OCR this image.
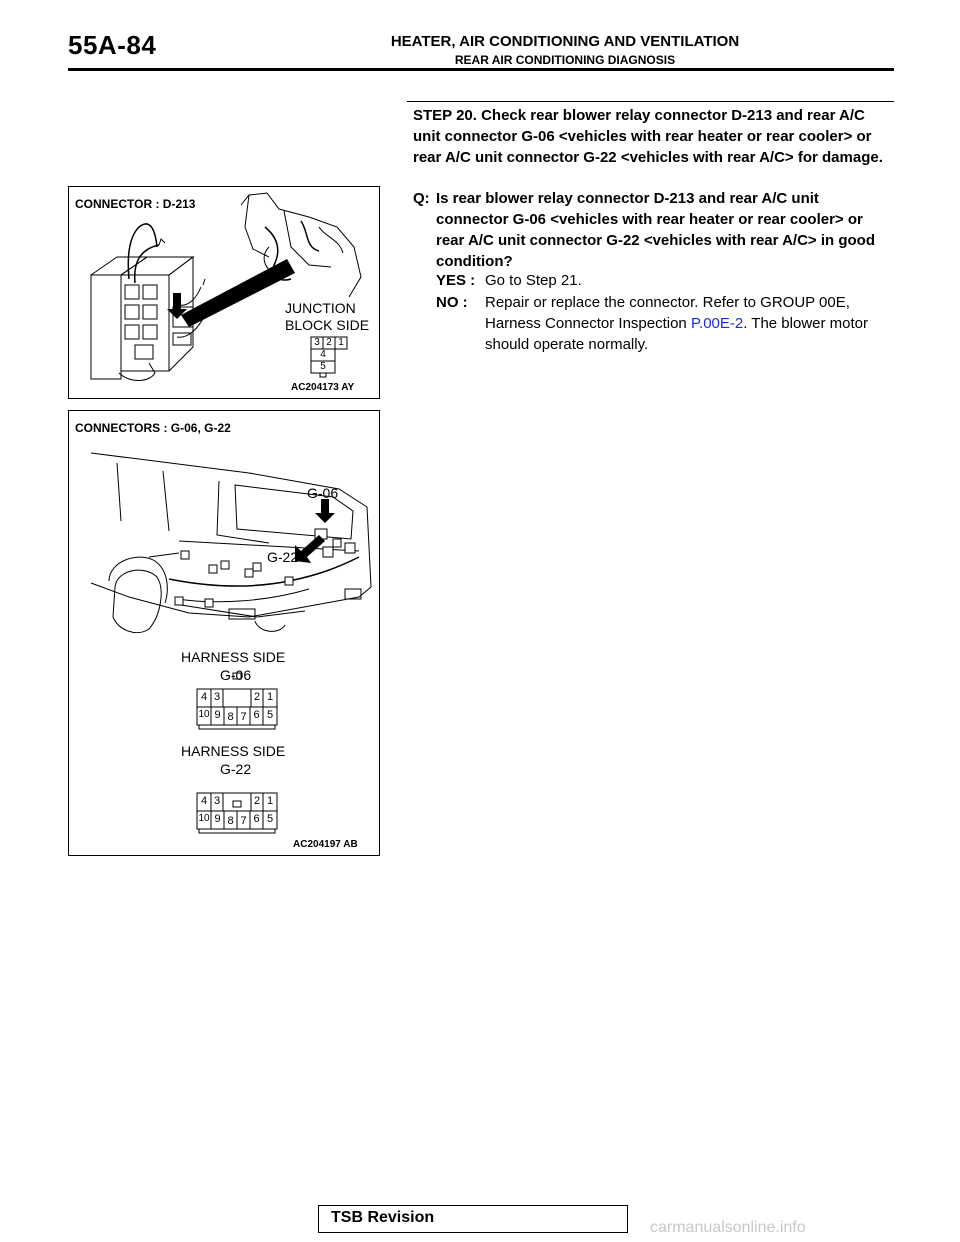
55A-84	HEATER, AIR CONDITIONING AND VENTILATION
REAR AIR CONDITIONING DIAGNOSIS
STEP 20. Check rear blower relay connector D-213 and rear A/C unit connector G-06 <vehicles with rear heater or rear cooler> or rear A/C unit connector G-22 <vehicles with rear A/C> for damage.
Q: Is rear blower relay connector D-213 and rear A/C unit connector G-06 <vehicles with rear heater or rear cooler> or rear A/C unit connector G-22 <vehicles with rear A/C> in good condition?
YES : Go to Step 21.
NO : Repair or replace the connector. Refer to GROUP 00E, Harness Connector Inspection P.00E-2. The blower motor should operate normally.
CONNECTOR : D-213
JUNCTION
BLOCK SIDE
3 2 1
4
5
AC204173 AY
CONNECTORS : G-06, G-22
G-06
G-22
HARNESS SIDE
G-06
HARNESS SIDE
G-22
4 3	2 1
10 9 8 7 6 5
4 3	2 1
10 9 8 7 6 5
AC204197 AB
TSB Revision
carmanualsonline.info
